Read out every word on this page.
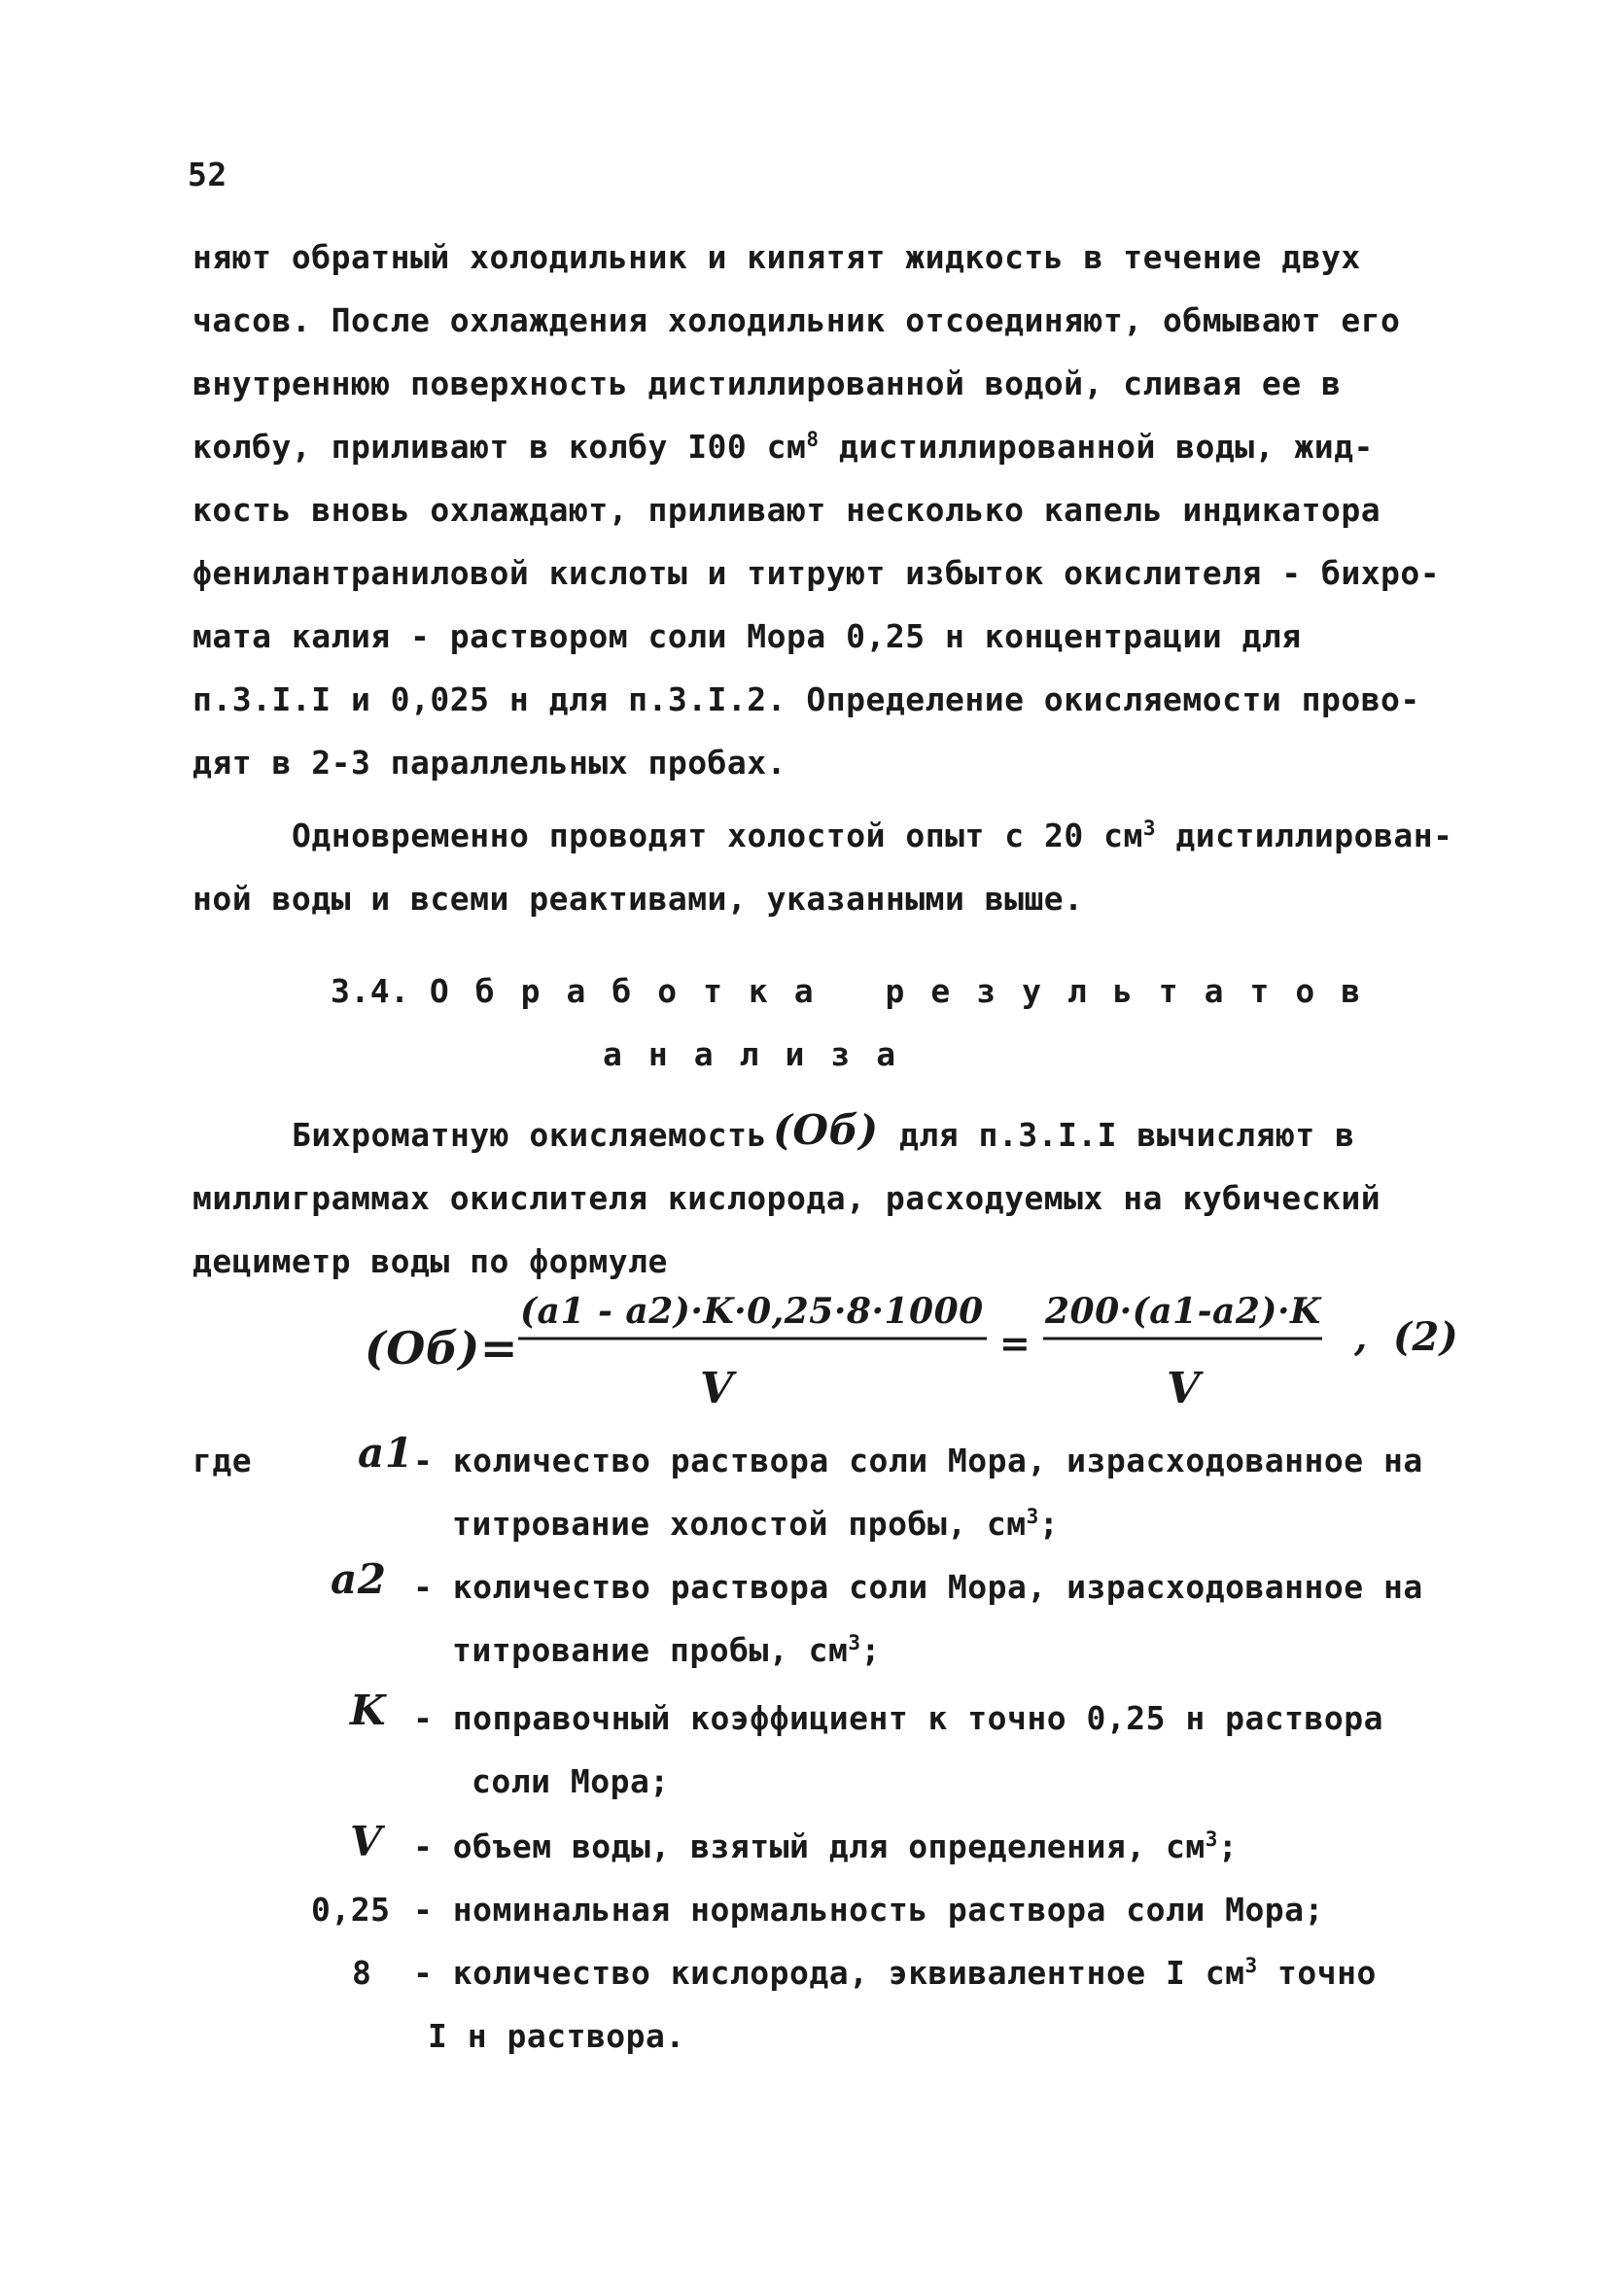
52
няют обратный холодильник и кипятят жидкость в течение двух
часов. После охлаждения холодильник отсоединяют, обмывают его
внутреннюю поверхность дистиллированной водой, сливая ее в
колбу, приливают в колбу I00 $см^8$ дистиллированной воды, жид-
кость вновь охлаждают, приливают несколько капель индикатора
фенилантраниловой кислоты и титруют избыток окислителя - бихро-
мата калия - раствором соли Мора 0,25 н концентрации для
п.3.I.I и 0,025 н для п.3.I.2. Определение окисляемости прово-
дят в 2-3 параллельных пробах.
Одновременно проводят холостой опыт с 20 $см^3$ дистиллирован-
ной воды и всеми реактивами, указанными выше.
3.4. Обработка результатов
анализа
Бихроматную окисляемость (Oб) для п.3.I.I вычисляют в
миллиграммах окислителя кислорода, расходуемых на кубический
дециметр воды по формуле
(Oб)=
(a1 - a2)·K·0,25·8·1000
V
=
200·(a1-a2)·K
V
, (2)
где	a1 - количество раствора соли Мора, израсходованное на
титрование холостой пробы, $см^3$;
a2 - количество раствора соли Мора, израсходованное на
титрование пробы, $см^3$;
K - поправочный коэффициент к точно 0,25 н раствора
соли Мора;
V - объем воды, взятый для определения, $см^3$;
0,25 - номинальная нормальность раствора соли Мора;
8 - количество кислорода, эквивалентное I $см^3$ точно
I н раствора.
